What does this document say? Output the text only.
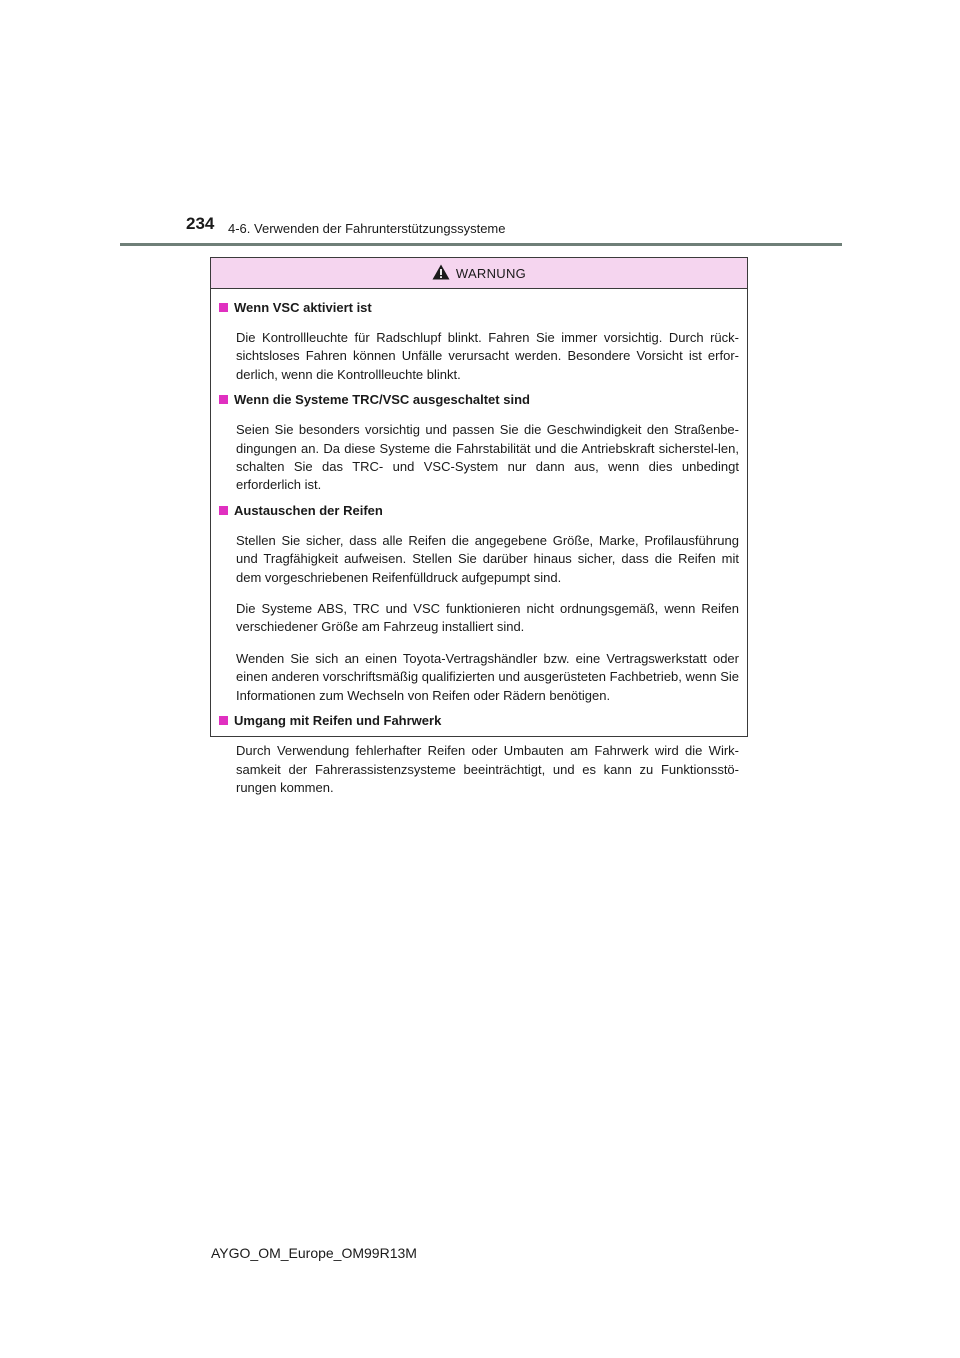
234 4-6. Verwenden der Fahrunterstützungssysteme
WARNUNG
Wenn VSC aktiviert ist

Die Kontrollleuchte für Radschlupf blinkt. Fahren Sie immer vorsichtig. Durch rück-sichtsloses Fahren können Unfälle verursacht werden. Besondere Vorsicht ist erfor-derlich, wenn die Kontrollleuchte blinkt.

Wenn die Systeme TRC/VSC ausgeschaltet sind

Seien Sie besonders vorsichtig und passen Sie die Geschwindigkeit den Straßenbe-dingungen an. Da diese Systeme die Fahrstabilität und die Antriebskraft sicherstel-len, schalten Sie das TRC- und VSC-System nur dann aus, wenn dies unbedingt erforderlich ist.

Austauschen der Reifen

Stellen Sie sicher, dass alle Reifen die angegebene Größe, Marke, Profilausführung und Tragfähigkeit aufweisen. Stellen Sie darüber hinaus sicher, dass die Reifen mit dem vorgeschriebenen Reifenfülldruck aufgepumpt sind.

Die Systeme ABS, TRC und VSC funktionieren nicht ordnungsgemäß, wenn Reifen verschiedener Größe am Fahrzeug installiert sind.

Wenden Sie sich an einen Toyota-Vertragshändler bzw. eine Vertragswerkstatt oder einen anderen vorschriftsmäßig qualifizierten und ausgerüsteten Fachbetrieb, wenn Sie Informationen zum Wechseln von Reifen oder Rädern benötigen.

Umgang mit Reifen und Fahrwerk

Durch Verwendung fehlerhafter Reifen oder Umbauten am Fahrwerk wird die Wirk-samkeit der Fahrerassistenzsysteme beeinträchtigt, und es kann zu Funktionsstö-rungen kommen.

AYGO_OM_Europe_OM99R13M
